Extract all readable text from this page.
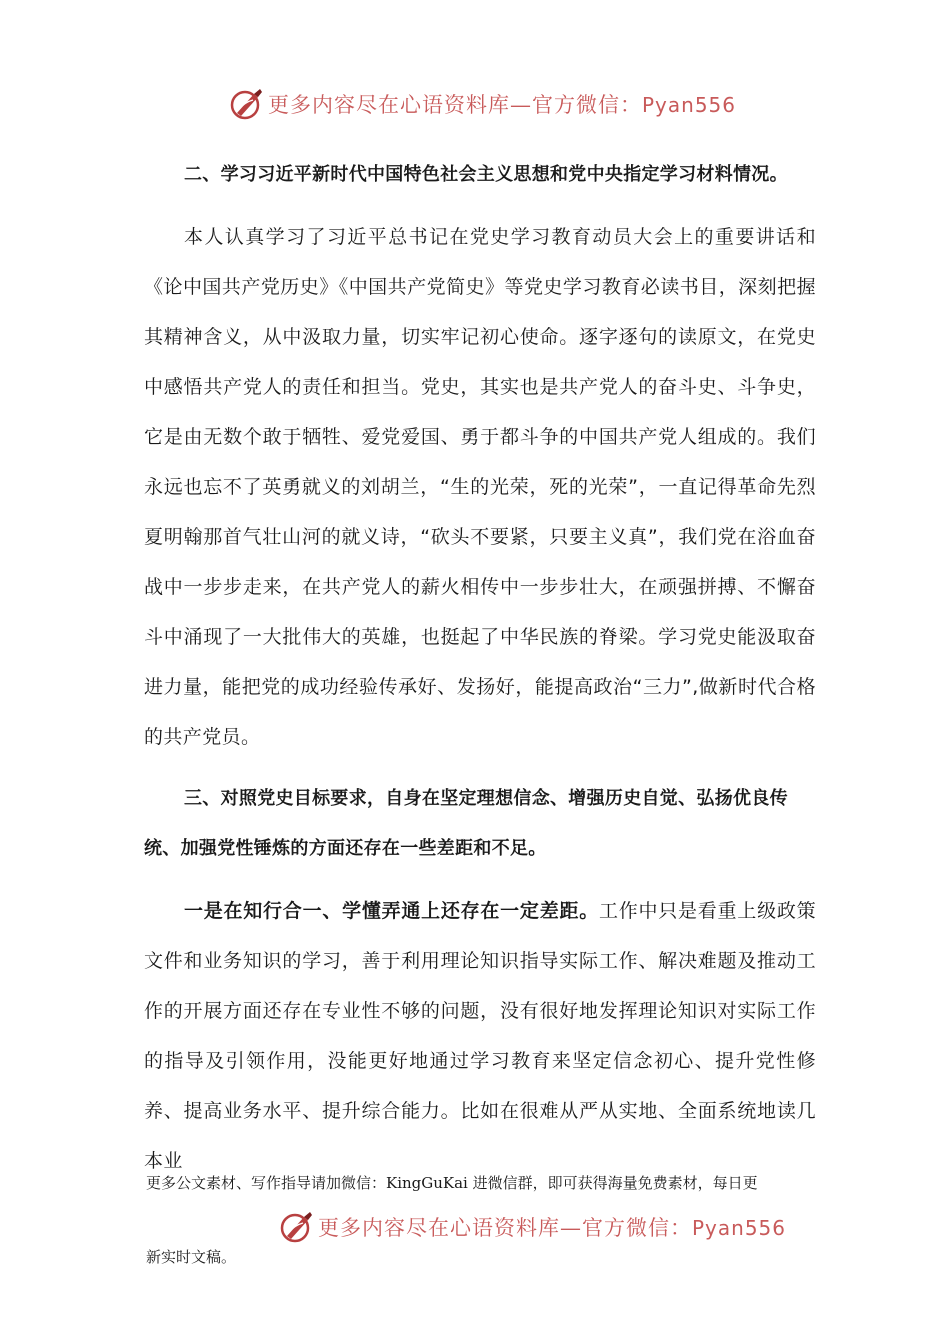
更多内容尽在心语资料库—官方微信：Pyan556

二、学习习近平新时代中国特色社会主义思想和党中央指定学习材料情况。

本人认真学习了习近平总书记在党史学习教育动员大会上的重要讲话和《论中国共产党历史》《中国共产党简史》等党史学习教育必读书目，深刻把握其精神含义，从中汲取力量，切实牢记初心使命。逐字逐句的读原文，在党史中感悟共产党人的责任和担当。党史，其实也是共产党人的奋斗史、斗争史，它是由无数个敢于牺牲、爱党爱国、勇于都斗争的中国共产党人组成的。我们永远也忘不了英勇就义的刘胡兰，“生的光荣，死的光荣”，一直记得革命先烈夏明翰那首气壮山河的就义诗，“砍头不要紧，只要主义真”，我们党在浴血奋战中一步步走来，在共产党人的薪火相传中一步步壮大，在顽强拼搏、不懈奋斗中涌现了一大批伟大的英雄，也挺起了中华民族的脊梁。学习党史能汲取奋进力量，能把党的成功经验传承好、发扬好，能提高政治“三力”,做新时代合格的共产党员。

三、对照党史目标要求，自身在坚定理想信念、增强历史自觉、弘扬优良传统、加强党性锤炼的方面还存在一些差距和不足。

一是在知行合一、学懂弄通上还存在一定差距。工作中只是看重上级政策文件和业务知识的学习，善于利用理论知识指导实际工作、解决难题及推动工作的开展方面还存在专业性不够的问题，没有很好地发挥理论知识对实际工作的指导及引领作用，没能更好地通过学习教育来坚定信念初心、提升党性修养、提高业务水平、提升综合能力。比如在很难从严从实地、全面系统地读几本业

更多公文素材、写作指导请加微信：KingGuKai 进微信群，即可获得海量免费素材，每日更
更多内容尽在心语资料库—官方微信：Pyan556
新实时文稿。
